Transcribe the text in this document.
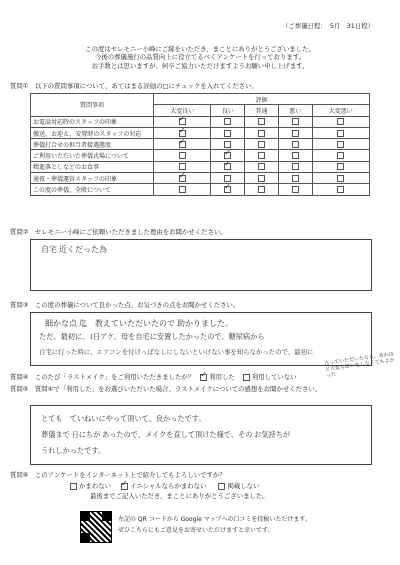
（ご葬儀日程：　5月　31日程）
この度はセレモニー小峰にご縁をいただき、まことにありがとうございました。
今後の葬儀施行の品質向上に役立てるべくアンケートを行っております。
お手数とは思いますが、何卒ご協力いただけますようお願い申し上げます。
質問①　以下の質問事項について、あてはまる評価の□にチェックを入れてください。
質問事項	評価				
	大変良い	良い	普通	悪い	大変悪い
お電話対応時のスタッフの印象	✓				
搬送、お迎え、安置時のスタッフの対応	✓				
葬儀打合せの担当者接遇態度	✓				
ご利用いただいた葬儀式場について		✓			
精進落としなどのお食事		✓			
通夜・葬儀運営スタッフの印象	✓				
この度の葬儀、全般について		✓			
質問②　セレモニー小峰にご依頼いただきました理由をお聞かせください。
自宅 近くだった為
質問③　この度の葬儀について良かった点、お気づきの点をお聞かせください。
細かな点 迄　教えていただいたので 助かりました。
ただ、最初に、1日アケ、母を自宅に安置したかったので、糖尿病から
自宅に行った時に、エアコンを付けっぱなしにしないといけない事を知らなかったので、最初に
質問④　このたび「ラストメイク」をご利用いただきましたか？ ✓ 利用した	利用していない
言っていただいたなら、あれほど大変な思いをしなくてもよかった
質問⑤　質問④で「利用した」をお選びいただいた場合、ラストメイクについての感想をお聞かせください。
とても　ていねいにやって頂いて、良かったです。
葬儀まで 日にちが あったので、メイクを直して頂けた様で、その お気持ちが
うれしかったです。
質問⑥　このアンケートをインターネット上で紹介してもよろしいですか？
かまわない ✓	イニシャルならかまわない	掲載しない
最後までご記入いただき、まことにありがとうございました。
左記の QR コードから Google マップへの口コミを投稿いただけます。
ぜひこちらにもご意見をお寄せいただけますと幸いです。
